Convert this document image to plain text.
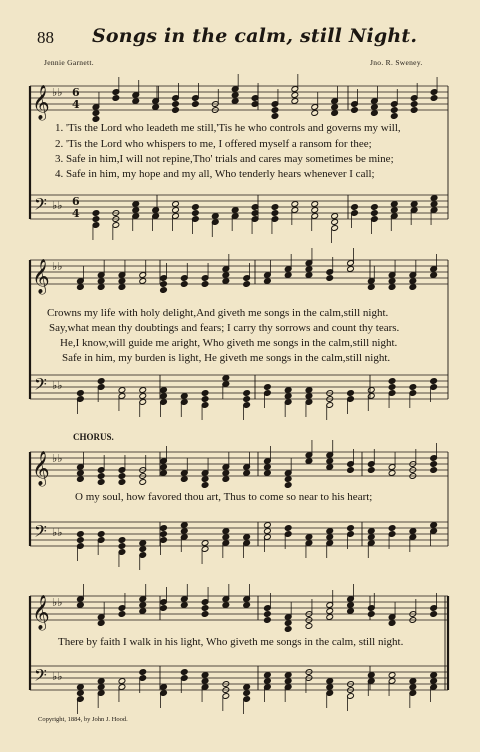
𝄞
𝄢
♭♭
♭♭
6
4
6
4
𝄞
𝄢
♭♭
♭♭
𝄞
𝄢
♭♭
♭♭
𝄞
𝄢
♭♭
♭♭
88 Songs in the calm, still Night.
Jennie Garnett.	Jno. R. Sweney.
1. 'Tis the Lord who leadeth me still,'Tis he who controls and governs my will,
2. 'Tis the Lord who whispers to me, I offered myself a ransom for thee;
3. Safe in him,I will not repine,Tho' trials and cares may sometimes be mine;
4. Safe in him, my hope and my all, Who tenderly hears whenever I call;
Crowns my life with holy delight,And giveth me songs in the calm,still night.
Say,what mean thy doubtings and fears; I carry thy sorrows and count thy tears.
He,I know,will guide me aright, Who giveth me songs in the calm,still night.
Safe in him, my burden is light, He giveth me songs in the calm,still night.
CHORUS.
O my soul, how favored thou art, Thus to come so near to his heart;
There by faith I walk in his light, Who giveth me songs in the calm, still night.
Copyright, 1884, by John J. Hood.
